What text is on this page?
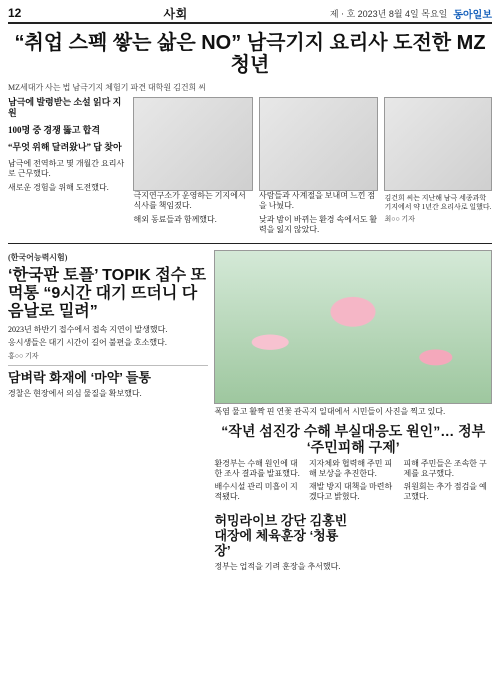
12	사회	제 ‧ 호 2023년 8월 4일 목요일 동아일보
“취업 스펙 쌓는 삶은 NO” 남극기지 요리사 도전한 MZ청년
MZ세대가 사는 법 남극기지 체험기 파견 대학원 김건희 씨
남극에 발령받는 소설 읽다 지원
100명 중 경쟁 뚫고 합격
“무엇 위해 달려왔나” 답 찾아

남극에 전역하고 몇 개월간 요리사로 근무했다.

새로운 경험을 위해 도전했다.

극지연구소가 운영하는 기지에서 식사를 책임졌다.

해외 동료들과 함께했다.

사람들과 사계절을 보내며 느낀 점을 나눴다.

낮과 밤이 바뀌는 환경 속에서도 활력을 잃지 않았다.

김건희 씨는 지난해 남극 세종과학기지에서 약 1년간 요리사로 일했다.
최○○ 기자
(한국어능력시험)
‘한국판 토플’ TOPIK 접수 또 먹통 “9시간 대기 뜨더니 다음날로 밀려”

2023년 하반기 접수에서 접속 지연이 발생했다.

응시생들은 대기 시간이 길어 불편을 호소했다.

홍○○ 기자
담벼락 화재에 ‘마약’ 들통
경찰은 현장에서 의심 물질을 확보했다.
폭염 물고 활짝 핀 연꽃 관곡지 일대에서 시민들이 사진을 찍고 있다.
“작년 섬진강 수해 부실대응도 원인”… 정부 ‘주민피해 구제’

환경부는 수해 원인에 대한 조사 결과를 발표했다.

배수시설 관리 미흡이 지적됐다.

지자체와 협력해 주민 피해 보상을 추진한다.

재발 방지 대책을 마련하겠다고 밝혔다.

피해 주민들은 조속한 구제를 요구했다.

위원회는 추가 점검을 예고했다.

허밍라이브 강단 김홍빈 대장에 체육훈장 ‘청룡장’
정부는 업적을 기려 훈장을 추서했다.
